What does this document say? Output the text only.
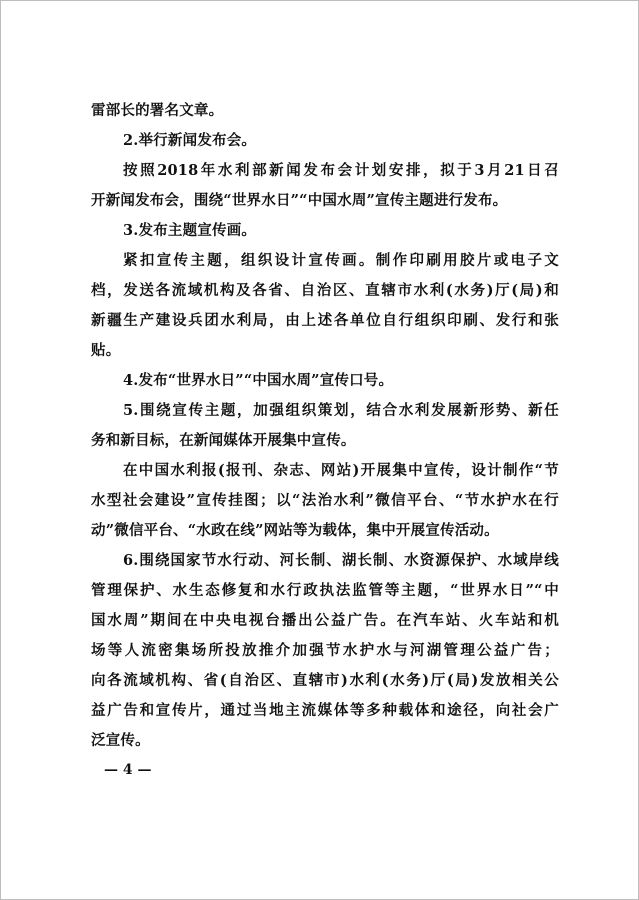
雷部长的署名文章。
2.举行新闻发布会。
按照2018年水利部新闻发布会计划安排，拟于3月21日召
开新闻发布会，围绕“世界水日”“中国水周”宣传主题进行发布。
3.发布主题宣传画。
紧扣宣传主题，组织设计宣传画。制作印刷用胶片或电子文
档，发送各流域机构及各省、自治区、直辖市水利(水务)厅(局)和
新疆生产建设兵团水利局，由上述各单位自行组织印刷、发行和张
贴。
4.发布“世界水日”“中国水周”宣传口号。
5.围绕宣传主题，加强组织策划，结合水利发展新形势、新任
务和新目标，在新闻媒体开展集中宣传。
在中国水利报(报刊、杂志、网站)开展集中宣传，设计制作“节
水型社会建设”宣传挂图；以“法治水利”微信平台、“节水护水在行
动”微信平台、“水政在线”网站等为载体，集中开展宣传活动。
6.围绕国家节水行动、河长制、湖长制、水资源保护、水域岸线
管理保护、水生态修复和水行政执法监管等主题，“世界水日”“中
国水周”期间在中央电视台播出公益广告。在汽车站、火车站和机
场等人流密集场所投放推介加强节水护水与河湖管理公益广告；
向各流域机构、省(自治区、直辖市)水利(水务)厅(局)发放相关公
益广告和宣传片，通过当地主流媒体等多种载体和途径，向社会广
泛宣传。
— 4 —
